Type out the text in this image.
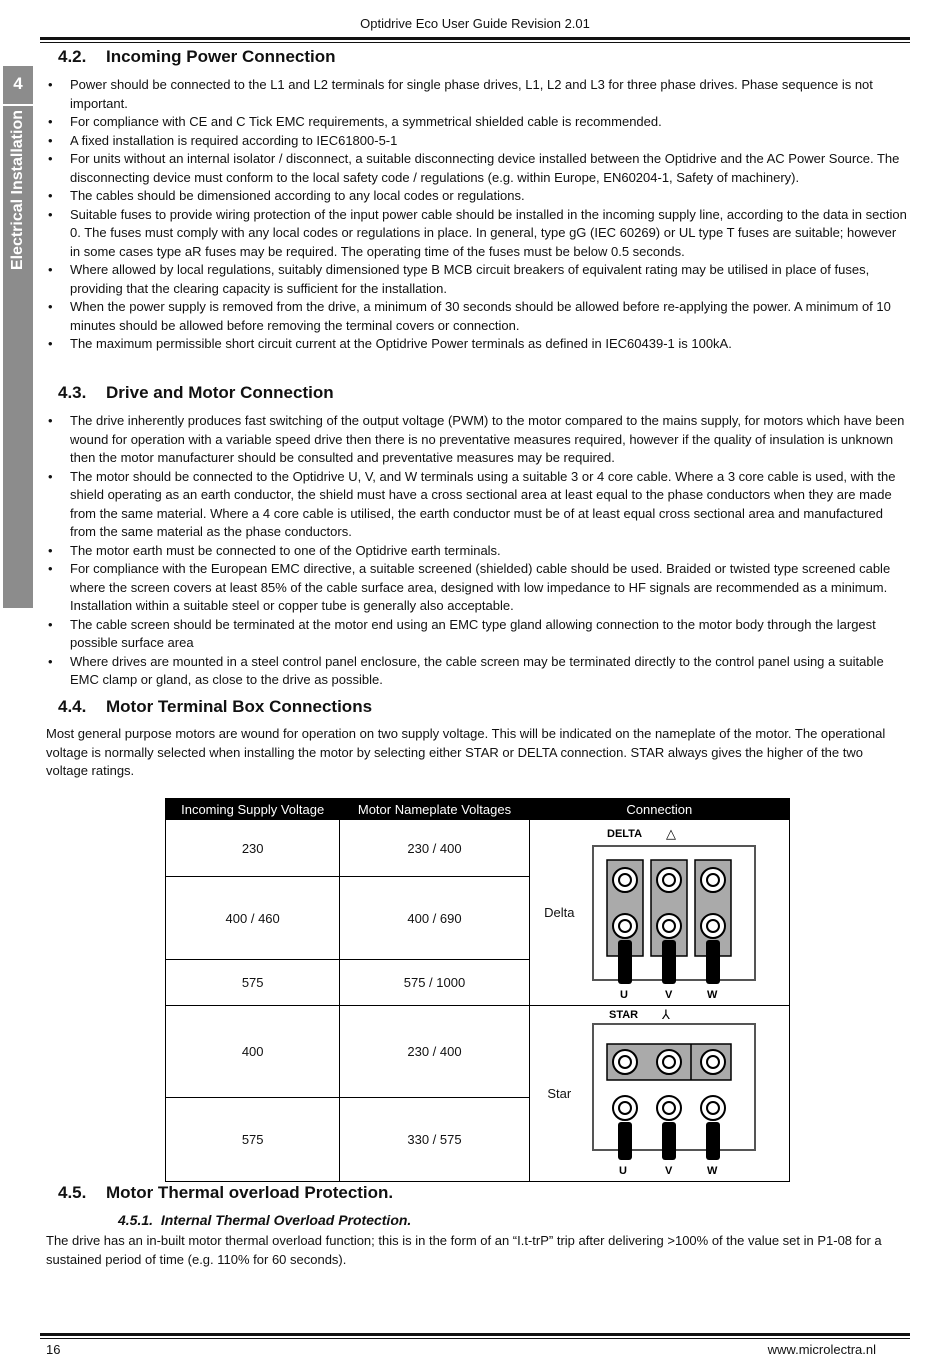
Optidrive Eco User Guide Revision 2.01
4
Electrical Installation
4.2. Incoming Power Connection
• Power should be connected to the L1 and L2 terminals for single phase drives, L1, L2 and L3 for three phase drives. Phase sequence is not important.
• For compliance with CE and C Tick EMC requirements, a symmetrical shielded cable is recommended.
• A fixed installation is required according to IEC61800-5-1
• For units without an internal isolator / disconnect, a suitable disconnecting device installed between the Optidrive and the AC Power Source. The disconnecting device must conform to the local safety code / regulations (e.g. within Europe, EN60204-1, Safety of machinery).
• The cables should be dimensioned according to any local codes or regulations.
• Suitable fuses to provide wiring protection of the input power cable should be installed in the incoming supply line, according to the data in section 0. The fuses must comply with any local codes or regulations in place. In general, type gG (IEC 60269) or UL type T fuses are suitable; however in some cases type aR fuses may be required. The operating time of the fuses must be below 0.5 seconds.
• Where allowed by local regulations, suitably dimensioned type B MCB circuit breakers of equivalent rating may be utilised in place of fuses, providing that the clearing capacity is sufficient for the installation.
• When the power supply is removed from the drive, a minimum of 30 seconds should be allowed before re-applying the power. A minimum of 10 minutes should be allowed before removing the terminal covers or connection.
• The maximum permissible short circuit current at the Optidrive Power terminals as defined in IEC60439-1 is 100kA.
4.3. Drive and Motor Connection
• The drive inherently produces fast switching of the output voltage (PWM) to the motor compared to the mains supply, for motors which have been wound for operation with a variable speed drive then there is no preventative measures required, however if the quality of insulation is unknown then the motor manufacturer should be consulted and preventative measures may be required.
• The motor should be connected to the Optidrive U, V, and W terminals using a suitable 3 or 4 core cable. Where a 3 core cable is used, with the shield operating as an earth conductor, the shield must have a cross sectional area at least equal to the phase conductors when they are made from the same material. Where a 4 core cable is utilised, the earth conductor must be of at least equal cross sectional area and manufactured from the same material as the phase conductors.
• The motor earth must be connected to one of the Optidrive earth terminals.
• For compliance with the European EMC directive, a suitable screened (shielded) cable should be used. Braided or twisted type screened cable where the screen covers at least 85% of the cable surface area, designed with low impedance to HF signals are recommended as a minimum. Installation within a suitable steel or copper tube is generally also acceptable.
• The cable screen should be terminated at the motor end using an EMC type gland allowing connection to the motor body through the largest possible surface area
• Where drives are mounted in a steel control panel enclosure, the cable screen may be terminated directly to the control panel using a suitable EMC clamp or gland, as close to the drive as possible.
4.4. Motor Terminal Box Connections
Most general purpose motors are wound for operation on two supply voltage. This will be indicated on the nameplate of the motor. The operational voltage is normally selected when installing the motor by selecting either STAR or DELTA connection. STAR always gives the higher of the two voltage ratings.
Incoming Supply Voltage	Motor Nameplate Voltages	Connection	
230	230 / 400	Delta	DELTA △
U V W

400 / 460	400 / 690		
575	575 / 1000		
400	230 / 400	Star	STAR ⅄
U V W

575	330 / 575		
4.5. Motor Thermal overload Protection.
4.5.1. Internal Thermal Overload Protection.
The drive has an in-built motor thermal overload function; this is in the form of an “I.t-trP” trip after delivering >100% of the value set in P1-08 for a sustained period of time (e.g. 110% for 60 seconds).
16	www.microlectra.nl
